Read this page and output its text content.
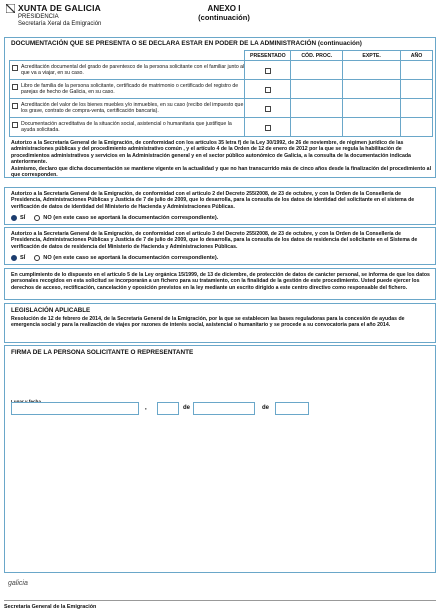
XUNTA DE GALICIA
PRESIDENCIA
Secretaría Xeral da Emigración
ANEXO I
(continuación)
DOCUMENTACIÓN QUE SE PRESENTA O SE DECLARA ESTAR EN PODER DE LA ADMINISTRACIÓN (continuación)
	PRESENTADO	CÓD. PROC.	EXPTE.	AÑO

Acreditación documental del grado de parentesco de la persona solicitante con el familiar junto al que va a viajar, en su caso.				

Libro de familia de la persona solicitante, certificado de matrimonio o certificado del registro de parejas de hecho de Galicia, en su caso.				

Acreditación del valor de los bienes muebles y/o inmuebles, en su caso (recibo del impuesto que los grave, contrato de compra-venta, certificación bancaria).				

Documentación acreditativa de la situación social, asistencial o humanitaria que justifique la ayuda solicitada.				

Autorizo a la Secretaría General de la Emigración, de conformidad con los artículos 35 letra f) de la Ley 30/1992, de 26 de noviembre, de régimen jurídico de las administraciones públicas y del procedimiento administrativo común , y el artículo 4 de la Orden de 12 de enero de 2012 por la que se regula la habilitación de procedimientos administrativos y servicios en la Administración general y en el sector público autonómico de Galicia, a la consulta de la documentación indicada anteriormente.

Asimismo, declaro que dicha documentación se mantiene vigente en la actualidad y que no han transcurrido más de cinco años desde la finalización del procedimiento al que corresponden.

Autorizo a la Secretaría General de la Emigración, de conformidad con el artículo 2 del Decreto 255/2008, de 23 de octubre, y con la Orden de la Consellería de Presidencia, Administraciones Públicas y Justicia de 7 de julio de 2009, que lo desarrolla, para la consulta de los datos de identidad del solicitante en el sistema de verificación de datos de identidad del Ministerio de Hacienda y Administraciones Públicas.
SÍ	NO (en este caso se aportará la documentación correspondiente).
Autorizo a la Secretaría General de la Emigración, de conformidad con el artículo 3 del Decreto 255/2008, de 23 de octubre, y con la Orden de la Consellería de Presidencia, Administraciones Públicas y Justicia de 7 de julio de 2009, que lo desarrolla, para la consulta de los datos de residencia del solicitante en el Sistema de verificación de datos de residencia del Ministerio de Hacienda y Administraciones Públicas.
SÍ	NO (en este caso se aportará la documentación correspondiente).
En cumplimiento de lo dispuesto en el artículo 5 de la Ley orgánica 15/1999, de 13 de diciembre, de protección de datos de carácter personal, se informa de que los datos personales recogidos en esta solicitud se incorporarán a un fichero para su tratamiento, con la finalidad de la gestión de este procedimiento. Usted puede ejercer los derechos de acceso, rectificación, cancelación y oposición previstos en la ley mediante un escrito dirigido a este centro directivo como responsable del fichero.
LEGISLACIÓN APLICABLE
Resolución de 12 de febrero de 2014, de la Secretaría General de la Emigración, por la que se establecen las bases reguladoras para la concesión de ayudas de emergencia social y para la realización de viajes por razones de interés social, asistencial o humanitario y se procede a su convocatoria para el año 2014.
FIRMA DE LA PERSONA SOLICITANTE O REPRESENTANTE
,	de	de
galicia
Secretaría General de la Emigración
